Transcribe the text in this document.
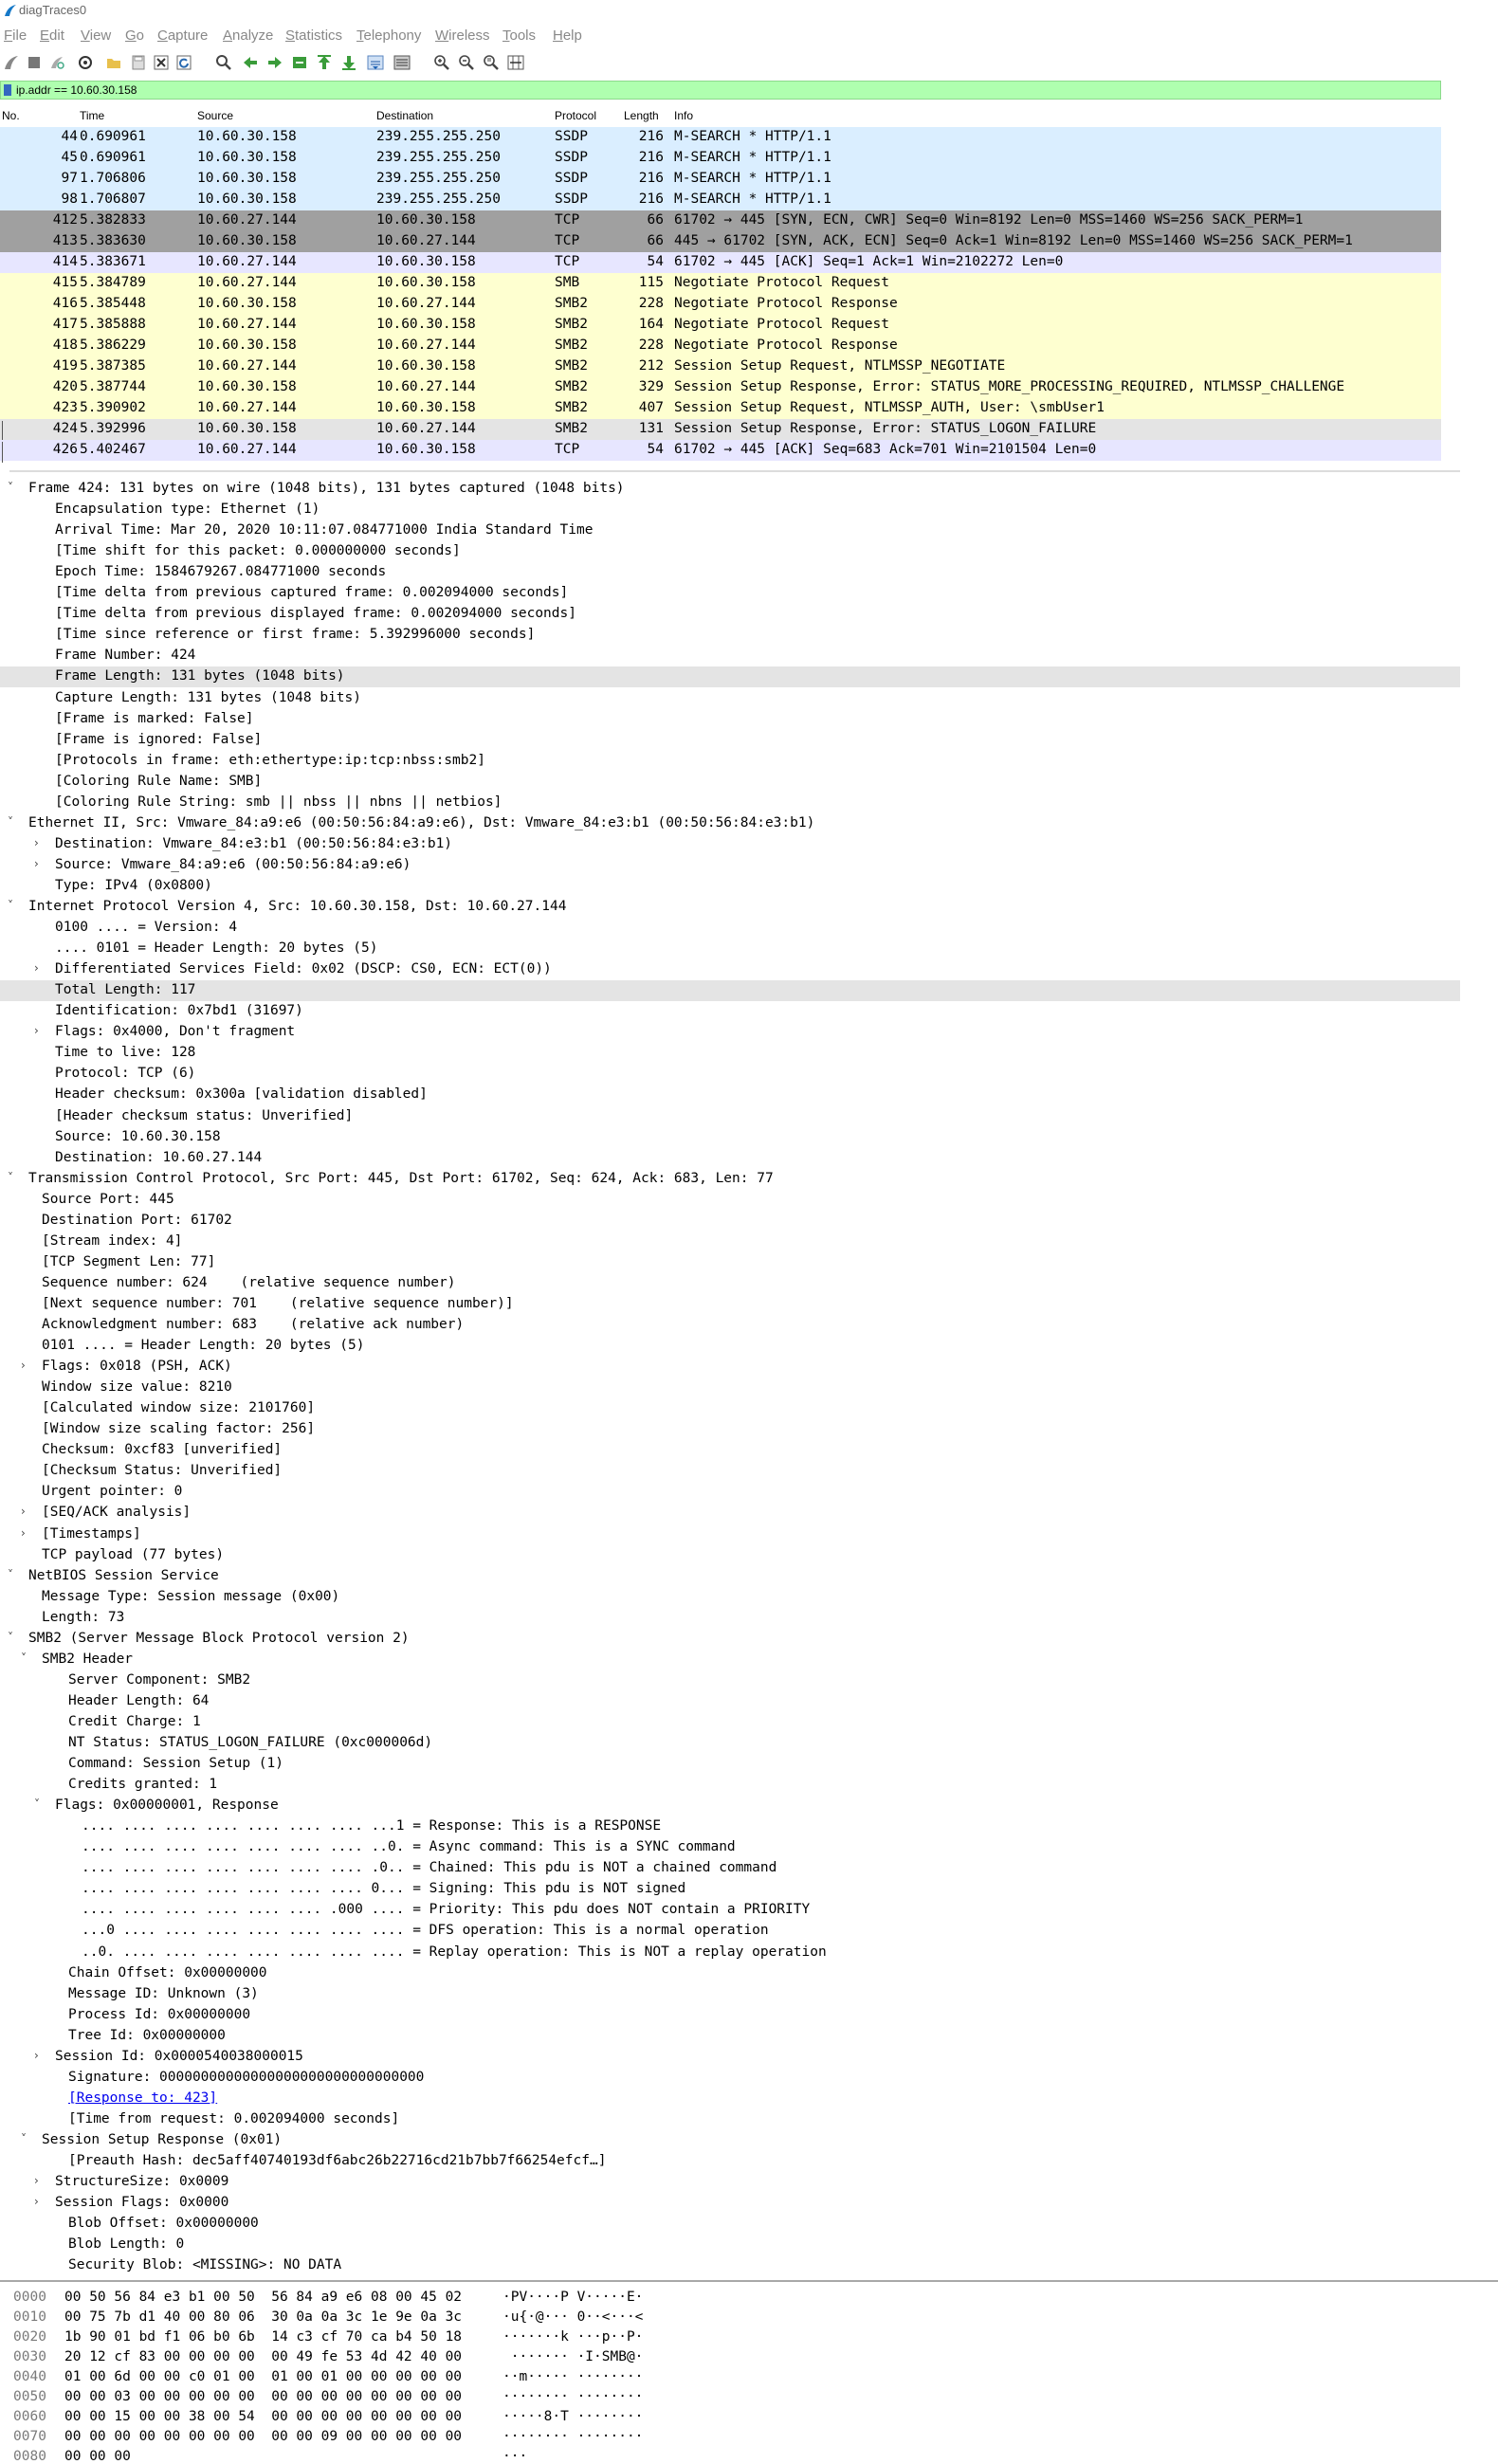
diagTraces0
File Edit View Go Capture Analyze Statistics Telephony Wireless Tools Help
ip.addr == 10.60.30.158
No.	Time	Source	Destination	Protocol Length Info
44 0.690961	10.60.30.158	239.255.255.250	SSDP	216 M-SEARCH * HTTP/1.1
45 0.690961	10.60.30.158	239.255.255.250	SSDP	216 M-SEARCH * HTTP/1.1
97 1.706806	10.60.30.158	239.255.255.250	SSDP	216 M-SEARCH * HTTP/1.1
98 1.706807	10.60.30.158	239.255.255.250	SSDP	216 M-SEARCH * HTTP/1.1
412 5.382833	10.60.27.144	10.60.30.158	TCP	66 61702 → 445 [SYN, ECN, CWR] Seq=0 Win=8192 Len=0 MSS=1460 WS=256 SACK_PERM=1
413 5.383630	10.60.30.158	10.60.27.144	TCP	66 445 → 61702 [SYN, ACK, ECN] Seq=0 Ack=1 Win=8192 Len=0 MSS=1460 WS=256 SACK_PERM=1
414 5.383671	10.60.27.144	10.60.30.158	TCP	54 61702 → 445 [ACK] Seq=1 Ack=1 Win=2102272 Len=0
415 5.384789	10.60.27.144	10.60.30.158	SMB	115 Negotiate Protocol Request
416 5.385448	10.60.30.158	10.60.27.144	SMB2	228 Negotiate Protocol Response
417 5.385888	10.60.27.144	10.60.30.158	SMB2	164 Negotiate Protocol Request
418 5.386229	10.60.30.158	10.60.27.144	SMB2	228 Negotiate Protocol Response
419 5.387385	10.60.27.144	10.60.30.158	SMB2	212 Session Setup Request, NTLMSSP_NEGOTIATE
420 5.387744	10.60.30.158	10.60.27.144	SMB2	329 Session Setup Response, Error: STATUS_MORE_PROCESSING_REQUIRED, NTLMSSP_CHALLENGE
423 5.390902	10.60.27.144	10.60.30.158	SMB2	407 Session Setup Request, NTLMSSP_AUTH, User: \smbUser1
424 5.392996	10.60.30.158	10.60.27.144	SMB2	131 Session Setup Response, Error: STATUS_LOGON_FAILURE
426 5.402467	10.60.27.144	10.60.30.158	TCP	54 61702 → 445 [ACK] Seq=683 Ack=701 Win=2101504 Len=0
˅ Frame 424: 131 bytes on wire (1048 bits), 131 bytes captured (1048 bits)
Encapsulation type: Ethernet (1)
Arrival Time: Mar 20, 2020 10:11:07.084771000 India Standard Time
[Time shift for this packet: 0.000000000 seconds]
Epoch Time: 1584679267.084771000 seconds
[Time delta from previous captured frame: 0.002094000 seconds]
[Time delta from previous displayed frame: 0.002094000 seconds]
[Time since reference or first frame: 5.392996000 seconds]
Frame Number: 424
Frame Length: 131 bytes (1048 bits)
Capture Length: 131 bytes (1048 bits)
[Frame is marked: False]
[Frame is ignored: False]
[Protocols in frame: eth:ethertype:ip:tcp:nbss:smb2]
[Coloring Rule Name: SMB]
[Coloring Rule String: smb || nbss || nbns || netbios]
˅ Ethernet II, Src: Vmware_84:a9:e6 (00:50:56:84:a9:e6), Dst: Vmware_84:e3:b1 (00:50:56:84:e3:b1)
› Destination: Vmware_84:e3:b1 (00:50:56:84:e3:b1)
› Source: Vmware_84:a9:e6 (00:50:56:84:a9:e6)
Type: IPv4 (0x0800)
˅ Internet Protocol Version 4, Src: 10.60.30.158, Dst: 10.60.27.144
0100 .... = Version: 4
.... 0101 = Header Length: 20 bytes (5)
› Differentiated Services Field: 0x02 (DSCP: CS0, ECN: ECT(0))
Total Length: 117
Identification: 0x7bd1 (31697)
› Flags: 0x4000, Don't fragment
Time to live: 128
Protocol: TCP (6)
Header checksum: 0x300a [validation disabled]
[Header checksum status: Unverified]
Source: 10.60.30.158
Destination: 10.60.27.144
˅ Transmission Control Protocol, Src Port: 445, Dst Port: 61702, Seq: 624, Ack: 683, Len: 77
Source Port: 445
Destination Port: 61702
[Stream index: 4]
[TCP Segment Len: 77]
Sequence number: 624    (relative sequence number)
[Next sequence number: 701    (relative sequence number)]
Acknowledgment number: 683    (relative ack number)
0101 .... = Header Length: 20 bytes (5)
› Flags: 0x018 (PSH, ACK)
Window size value: 8210
[Calculated window size: 2101760]
[Window size scaling factor: 256]
Checksum: 0xcf83 [unverified]
[Checksum Status: Unverified]
Urgent pointer: 0
› [SEQ/ACK analysis]
› [Timestamps]
TCP payload (77 bytes)
˅ NetBIOS Session Service
Message Type: Session message (0x00)
Length: 73
˅ SMB2 (Server Message Block Protocol version 2)
˅ SMB2 Header
Server Component: SMB2
Header Length: 64
Credit Charge: 1
NT Status: STATUS_LOGON_FAILURE (0xc000006d)
Command: Session Setup (1)
Credits granted: 1
˅ Flags: 0x00000001, Response
.... .... .... .... .... .... .... ...1 = Response: This is a RESPONSE
.... .... .... .... .... .... .... ..0. = Async command: This is a SYNC command
.... .... .... .... .... .... .... .0.. = Chained: This pdu is NOT a chained command
.... .... .... .... .... .... .... 0... = Signing: This pdu is NOT signed
.... .... .... .... .... .... .000 .... = Priority: This pdu does NOT contain a PRIORITY
...0 .... .... .... .... .... .... .... = DFS operation: This is a normal operation
..0. .... .... .... .... .... .... .... = Replay operation: This is NOT a replay operation
Chain Offset: 0x00000000
Message ID: Unknown (3)
Process Id: 0x00000000
Tree Id: 0x00000000
› Session Id: 0x0000540038000015
Signature: 00000000000000000000000000000000
[Response to: 423]
[Time from request: 0.002094000 seconds]
˅ Session Setup Response (0x01)
[Preauth Hash: dec5aff40740193df6abc26b22716cd21b7bb7f66254efcf…]
› StructureSize: 0x0009
› Session Flags: 0x0000
Blob Offset: 0x00000000
Blob Length: 0
Security Blob: <MISSING>: NO DATA
0000 00 50 56 84 e3 b1 00 50  56 84 a9 e6 08 00 45 02	·PV····P V·····E·
0010 00 75 7b d1 40 00 80 06  30 0a 0a 3c 1e 9e 0a 3c	·u{·@··· 0··<···<
0020 1b 90 01 bd f1 06 b0 6b  14 c3 cf 70 ca b4 50 18	·······k ···p··P·
0030 20 12 cf 83 00 00 00 00  00 49 fe 53 4d 42 40 00	······· ·I·SMB@·
0040 01 00 6d 00 00 c0 01 00  01 00 01 00 00 00 00 00	··m····· ········
0050 00 00 03 00 00 00 00 00  00 00 00 00 00 00 00 00	········ ········
0060 00 00 15 00 00 38 00 54  00 00 00 00 00 00 00 00	·····8·T ········
0070 00 00 00 00 00 00 00 00  00 00 09 00 00 00 00 00	········ ········
0080 00 00 00	···
